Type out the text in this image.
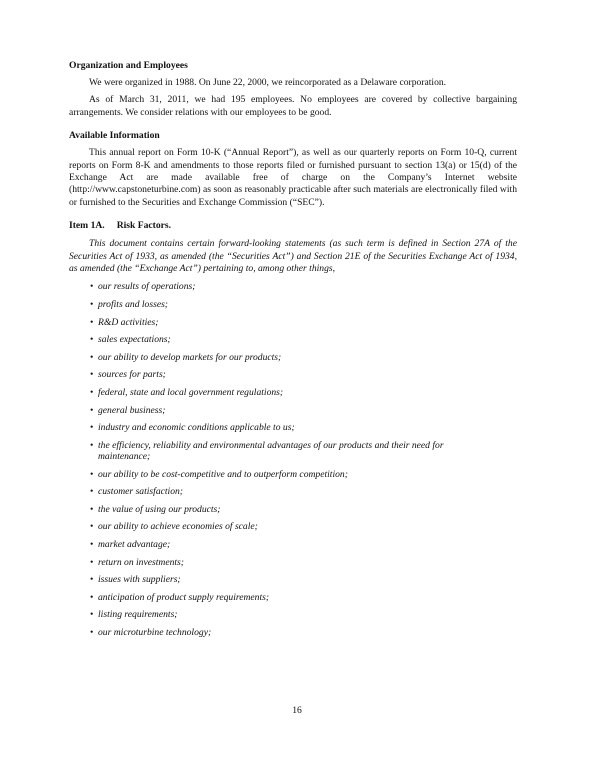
Organization and Employees

We were organized in 1988. On June 22, 2000, we reincorporated as a Delaware corporation.

As of March 31, 2011, we had 195 employees. No employees are covered by collective bargaining arrangements. We consider relations with our employees to be good.

Available Information

This annual report on Form 10-K (“Annual Report”), as well as our quarterly reports on Form 10-Q, current reports on Form 8-K and amendments to those reports filed or furnished pursuant to section 13(a) or 15(d) of the Exchange Act are made available free of charge on the Company’s Internet website (http://www.capstoneturbine.com) as soon as reasonably practicable after such materials are electronically filed with or furnished to the Securities and Exchange Commission (“SEC”).

Item 1A. Risk Factors.

This document contains certain forward-looking statements (as such term is defined in Section 27A of the Securities Act of 1933, as amended (the “Securities Act”) and Section 21E of the Securities Exchange Act of 1934, as amended (the “Exchange Act”) pertaining to, among other things,

• our results of operations;
• profits and losses;
• R&D activities;
• sales expectations;
• our ability to develop markets for our products;
• sources for parts;
• federal, state and local government regulations;
• general business;
• industry and economic conditions applicable to us;
• the efficiency, reliability and environmental advantages of our products and their need for maintenance;
• our ability to be cost-competitive and to outperform competition;
• customer satisfaction;
• the value of using our products;
• our ability to achieve economies of scale;
• market advantage;
• return on investments;
• issues with suppliers;
• anticipation of product supply requirements;
• listing requirements;
• our microturbine technology;
16
